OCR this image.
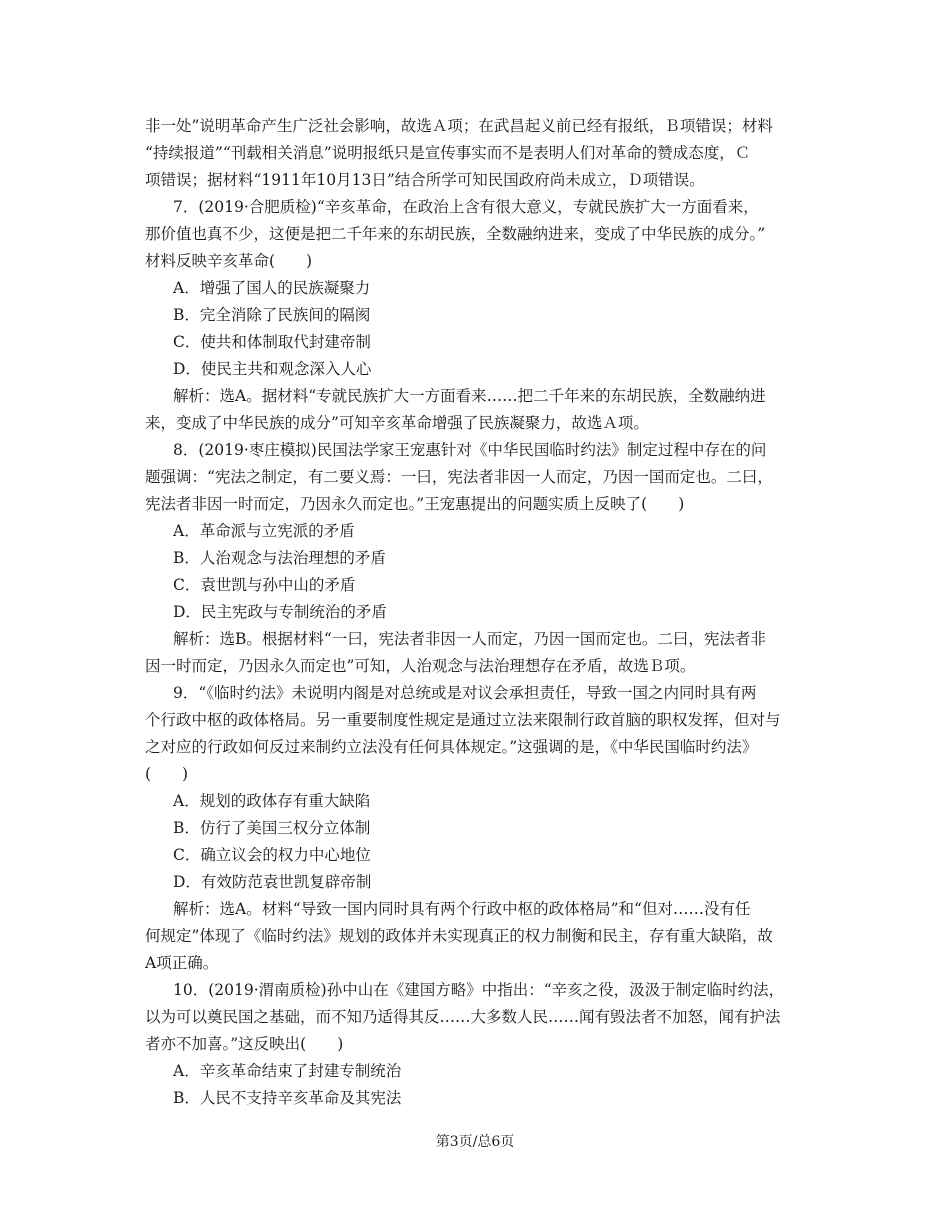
非一处”说明革命产生广泛社会影响，故选Ａ项；在武昌起义前已经有报纸，Ｂ项错误；材料
“持续报道”“刊载相关消息”说明报纸只是宣传事实而不是表明人们对革命的赞成态度，Ｃ
项错误；据材料“1911年10月13日”结合所学可知民国政府尚未成立，Ｄ项错误。
7．(2019·合肥质检)“辛亥革命，在政治上含有很大意义，专就民族扩大一方面看来，
那价值也真不少，这便是把二千年来的东胡民族，全数融纳进来，变成了中华民族的成分。”
材料反映辛亥革命(　　)
A．增强了国人的民族凝聚力
B．完全消除了民族间的隔阂
C．使共和体制取代封建帝制
D．使民主共和观念深入人心
解析：选A。据材料“专就民族扩大一方面看来……把二千年来的东胡民族，全数融纳进
来，变成了中华民族的成分”可知辛亥革命增强了民族凝聚力，故选Ａ项。
8．(2019·枣庄模拟)民国法学家王宠惠针对《中华民国临时约法》制定过程中存在的问
题强调：“宪法之制定，有二要义焉：一曰，宪法者非因一人而定，乃因一国而定也。二曰，
宪法者非因一时而定，乃因永久而定也。”王宠惠提出的问题实质上反映了(　　)
A．革命派与立宪派的矛盾
B．人治观念与法治理想的矛盾
C．袁世凯与孙中山的矛盾
D．民主宪政与专制统治的矛盾
解析：选B。根据材料“一曰，宪法者非因一人而定，乃因一国而定也。二曰，宪法者非
因一时而定，乃因永久而定也”可知，人治观念与法治理想存在矛盾，故选Ｂ项。
9．“《临时约法》未说明内阁是对总统或是对议会承担责任，导致一国之内同时具有两
个行政中枢的政体格局。另一重要制度性规定是通过立法来限制行政首脑的职权发挥，但对与
之对应的行政如何反过来制约立法没有任何具体规定。”这强调的是，《中华民国临时约法》
(　　)
A．规划的政体存有重大缺陷
B．仿行了美国三权分立体制
C．确立议会的权力中心地位
D．有效防范袁世凯复辟帝制
解析：选A。材料“导致一国内同时具有两个行政中枢的政体格局”和“但对……没有任
何规定”体现了《临时约法》规划的政体并未实现真正的权力制衡和民主，存有重大缺陷，故
A项正确。
10．(2019·渭南质检)孙中山在《建国方略》中指出：“辛亥之役，汲汲于制定临时约法，
以为可以奠民国之基础，而不知乃适得其反……大多数人民……闻有毁法者不加怒，闻有护法
者亦不加喜。”这反映出(　　)
A．辛亥革命结束了封建专制统治
B．人民不支持辛亥革命及其宪法
第3页/总6页
